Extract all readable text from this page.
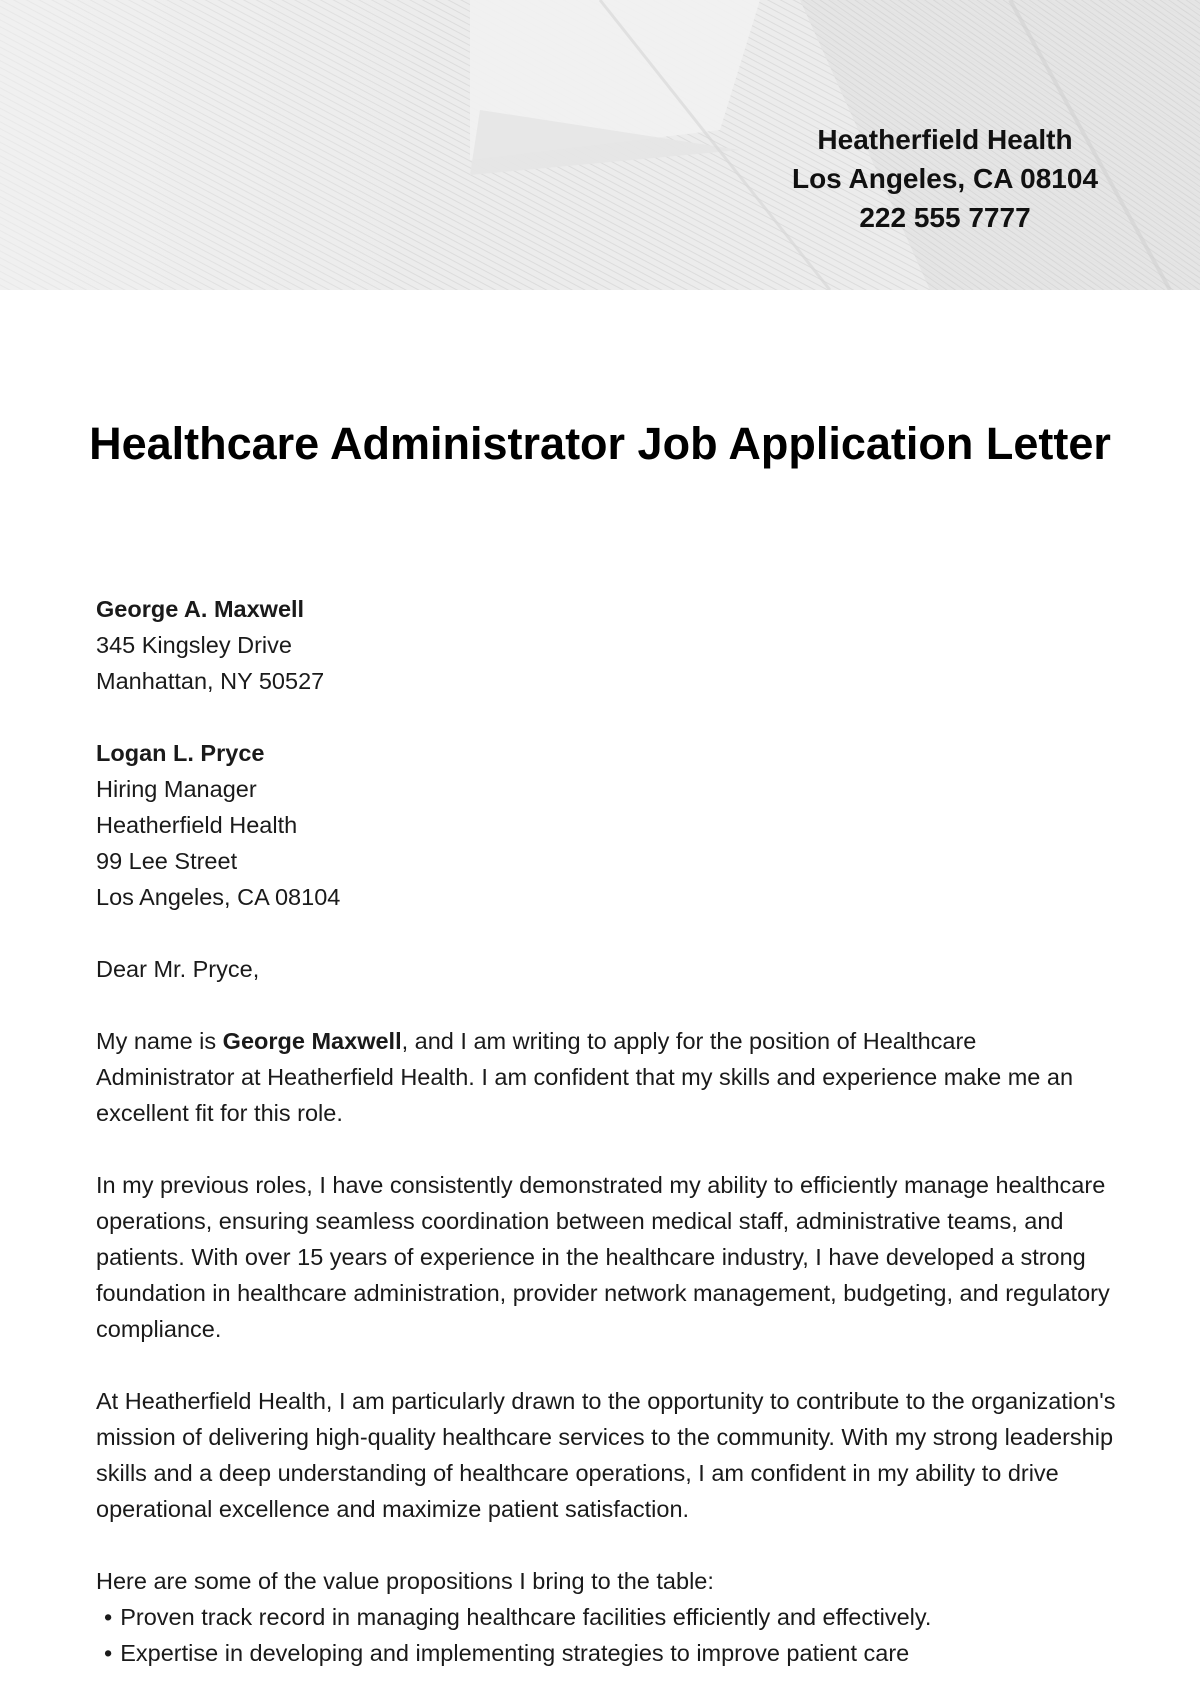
Heatherfield Health
Los Angeles, CA 08104
222 555 7777
Healthcare Administrator Job Application Letter

George A. Maxwell

345 Kingsley Drive

Manhattan, NY 50527

Logan L. Pryce

Hiring Manager

Heatherfield Health

99 Lee Street

Los Angeles, CA 08104

Dear Mr. Pryce,

My name is George Maxwell, and I am writing to apply for the position of Healthcare Administrator at Heatherfield Health. I am confident that my skills and experience make me an excellent fit for this role.

In my previous roles, I have consistently demonstrated my ability to efficiently manage healthcare operations, ensuring seamless coordination between medical staff, administrative teams, and patients. With over 15 years of experience in the healthcare industry, I have developed a strong foundation in healthcare administration, provider network management, budgeting, and regulatory compliance.

At Heatherfield Health, I am particularly drawn to the opportunity to contribute to the organization's mission of delivering high-quality healthcare services to the community. With my strong leadership skills and a deep understanding of healthcare operations, I am confident in my ability to drive operational excellence and maximize patient satisfaction.

Here are some of the value propositions I bring to the table:

• Proven track record in managing healthcare facilities efficiently and effectively.
• Expertise in developing and implementing strategies to improve patient care
